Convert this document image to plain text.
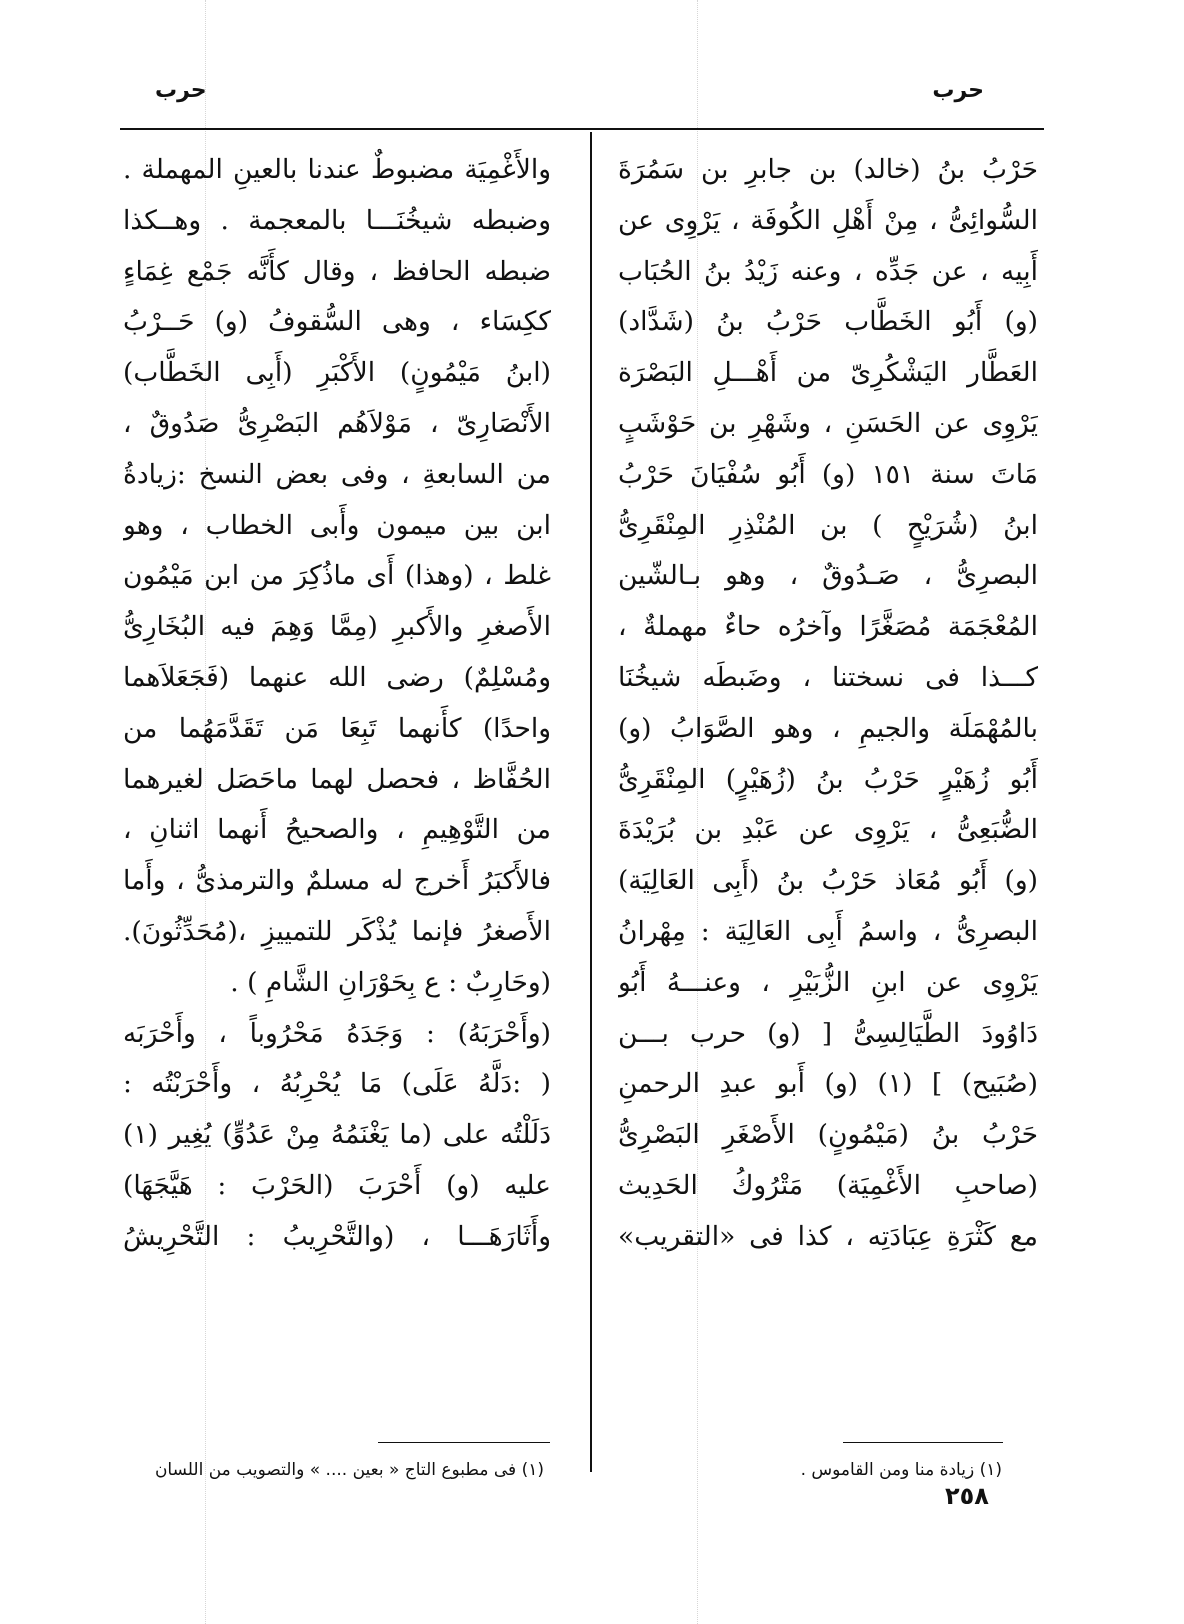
حرب
حرب
حَرْبُ بنُ (خالد) بن جابرِ بن سَمُرَةَ
السُّوائِىُّ ، مِنْ أَهْلِ الكُوفَة ، يَرْوِى عن
أَبِيه ، عن جَدِّه ، وعنه زَيْدُ بنُ الحُبَاب
(و) أَبُو الخَطَّاب حَرْبُ بنُ (شَدَّاد)
العَطَّار اليَشْكُرِىّ من أَهْـــلِ البَصْرَة
يَرْوِى عن الحَسَنِ ، وشَهْرِ بن حَوْشَبٍ
مَاتَ سنة ١٥١ (و) أَبُو سُفْيَانَ حَرْبُ
ابنُ (شُرَيْحٍ ) بن المُنْذِرِ المِنْقَرِىُّ
البصرِىُّ ، صَـدُوقٌ ، وهو بـالشّين
المُعْجَمَة مُصَغَّرًا وآخرُه حاءٌ مهملةٌ ،
كـــذا فى نسختنا ، وضَبطَه شيخُنَا
بالمُهْمَلَة والجيمِ ، وهو الصَّوَابُ (و)
أَبُو زُهَيْرٍ حَرْبُ بنُ (زُهَيْرٍ) المِنْقَرِىُّ
الضُّبَعِىُّ ، يَرْوِى عن عَبْدِ بن بُرَيْدَةَ
(و) أَبُو مُعَاذ حَرْبُ بنُ (أَبِى العَالِيَة)
البصرِىُّ ، واسمُ أَبِى العَالِيَة : مِهْرانُ
يَرْوِى عن ابنِ الزُّبَيْرِ ، وعنـــهُ أَبُو
دَاوُودَ الطَّيَالِسِىُّ [ (و) حرب بـــن
(صُبَيح) ] (١) (و) أَبو عبدِ الرحمنِ
حَرْبُ بنُ (مَيْمُونٍ) الأَصْغَرِ البَصْرِىُّ
(صاحبِ الأَغْمِيَة) مَتْرُوكُ الحَدِيث
مع كَثْرَةِ عِبَادَتِه ، كذا فى «التقريب»
والأَغْمِيَة مضبوطٌ عندنا بالعينِ المهملة .
وضبطه شيخُنَـــا بالمعجمة . وهــكذا
ضبطه الحافظ ، وقال كأَنَّه جَمْع غِمَاءٍ
ككِسَاء ، وهى السُّقوفُ (و) حَــرْبُ
(ابنُ مَيْمُونٍ) الأَكْبَرِ (أَبِى الخَطَّاب)
الأَنْصَارِىّ ، مَوْلاَهُم البَصْرِىُّ صَدُوقٌ ،
من السابعةِ ، وفى بعض النسخ :زيادةُ
ابن بين ميمون وأَبى الخطاب ، وهو
غلط ، (وهذا) أَى ماذُكِرَ من ابن مَيْمُون
الأَصغرِ والأَكبرِ (مِمَّا وَهِمَ فيه البُخَارِىُّ
ومُسْلِمٌ) رضى الله عنهما (فَجَعَلاَهما
واحدًا) كأَنهما تَبِعَا مَن تَقَدَّمَهُما من
الحُفَّاظ ، فحصل لهما ماحَصَل لغيرهما
من التَّوْهِيمِ ، والصحيحُ أَنهما اثنانِ ،
فالأَكبَرُ أَخرج له مسلمٌ والترمذىُّ ، وأَما
الأَصغرُ فإنما يُذْكَر للتمييزِ ،(مُحَدِّثُونَ).
(وحَارِبٌ : ع بِحَوْرَانِ الشَّامِ ) .
(وأَحْرَبَهُ) : وَجَدَهُ مَحْرُوباً ، وأَحْرَبَه
( :دَلَّهُ عَلَى) مَا يُحْرِبُهُ ، وأَحْرَبْتُه :
دَلَلْتُه على (ما يَغْنَمُهُ مِنْ عَدُوٍّ) يُغِير (١)
عليه (و) أَحْرَبَ (الحَرْبَ : هَيَّجَهَا)
وأَثَارَهَـــا ، (والتَّحْرِيبُ : التَّحْرِيشُ
(١) زيادة منا ومن القاموس .
(١) فى مطبوع التاج « بعين .... » والتصويب من اللسان
٢٥٨
